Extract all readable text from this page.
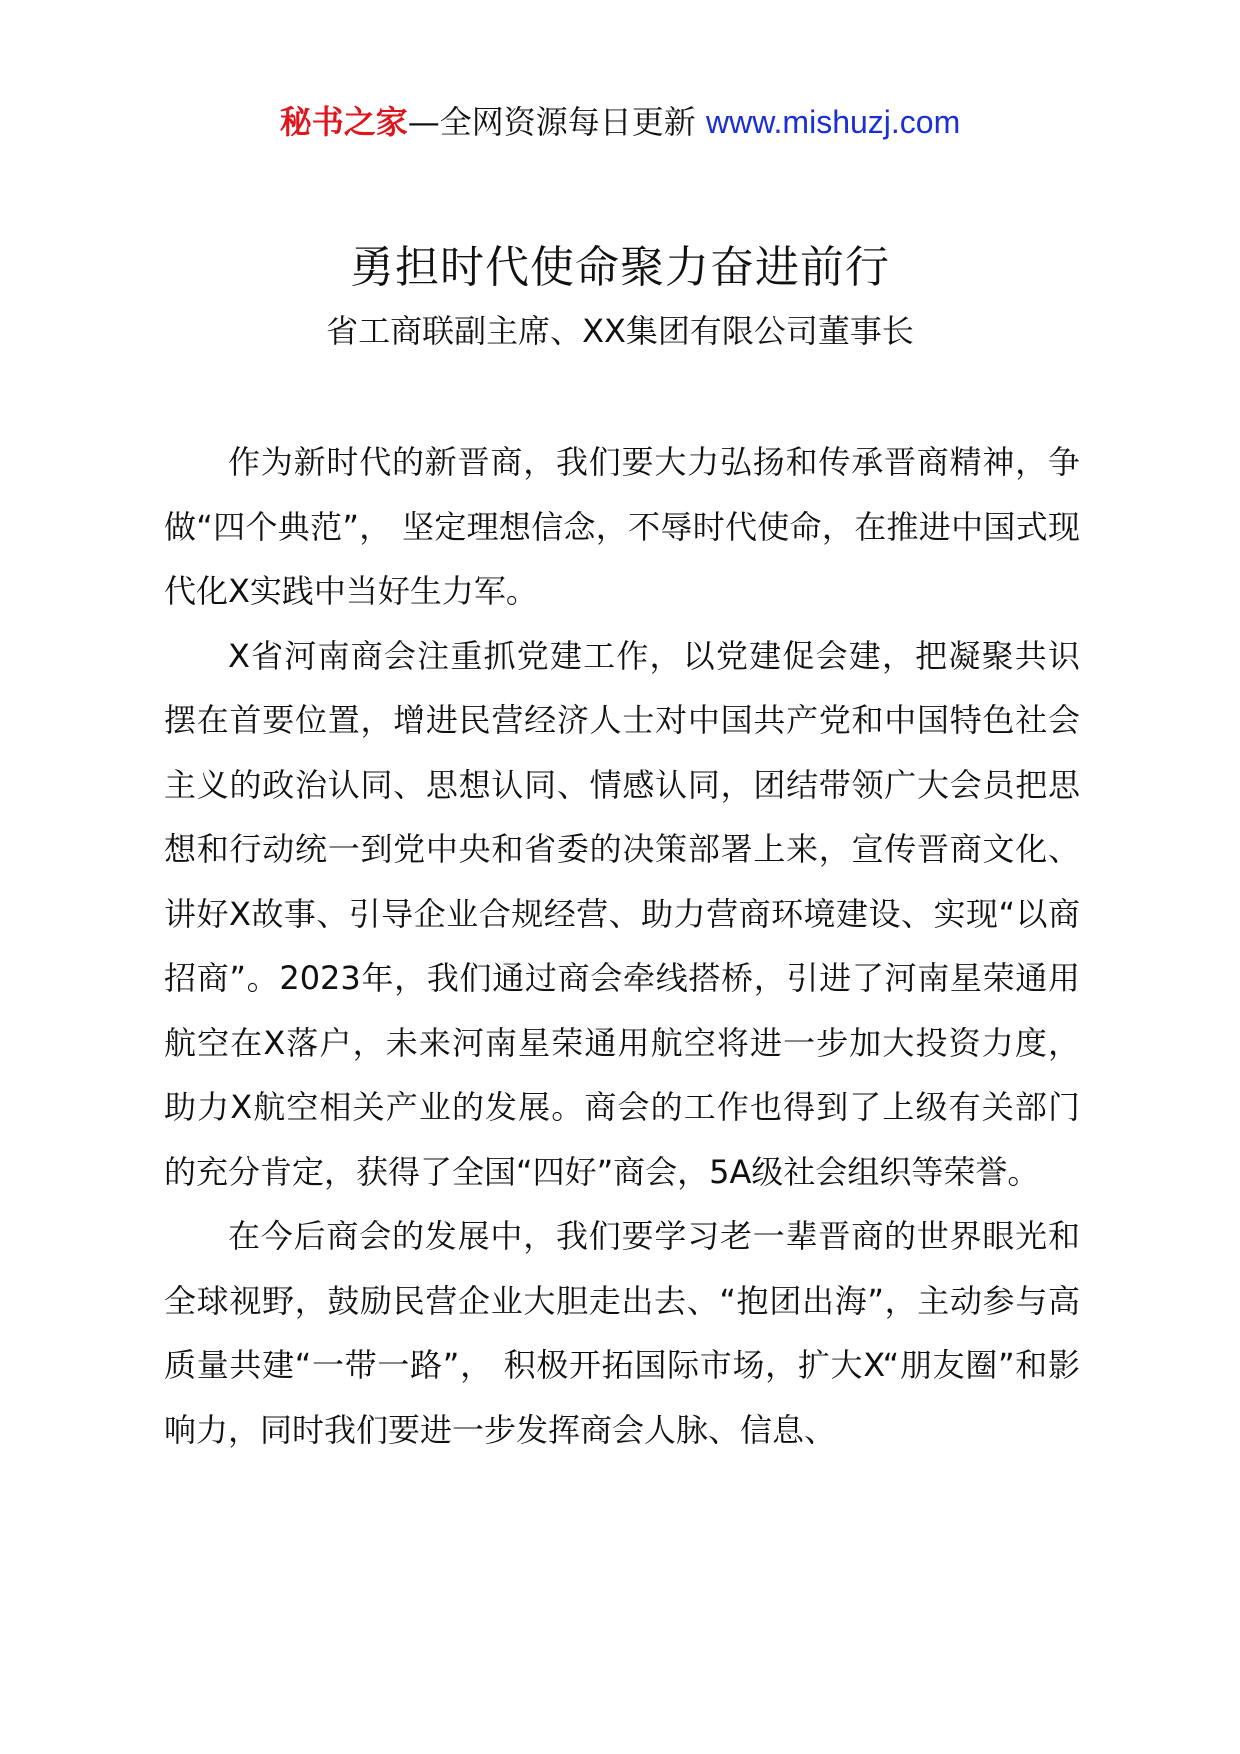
秘书之家—全网资源每日更新 www.mishuzj.com
勇担时代使命聚力奋进前行
省工商联副主席、XX集团有限公司董事长

作为新时代的新晋商，我们要大力弘扬和传承晋商精神，争做“四个典范”， 坚定理想信念，不辱时代使命，在推进中国式现代化X实践中当好生力军。

X省河南商会注重抓党建工作，以党建促会建，把凝聚共识摆在首要位置，增进民营经济人士对中国共产党和中国特色社会主义的政治认同、思想认同、情感认同，团结带领广大会员把思想和行动统一到党中央和省委的决策部署上来，宣传晋商文化、讲好X故事、引导企业合规经营、助力营商环境建设、实现“以商招商”。2023年，我们通过商会牵线搭桥，引进了河南星荣通用航空在X落户，未来河南星荣通用航空将进一步加大投资力度，助力X航空相关产业的发展。商会的工作也得到了上级有关部门的充分肯定，获得了全国“四好”商会，5A级社会组织等荣誉。

在今后商会的发展中，我们要学习老一辈晋商的世界眼光和全球视野，鼓励民营企业大胆走出去、“抱团出海”，主动参与高质量共建“一带一路”， 积极开拓国际市场，扩大X“朋友圈”和影响力，同时我们要进一步发挥商会人脉、信息、
